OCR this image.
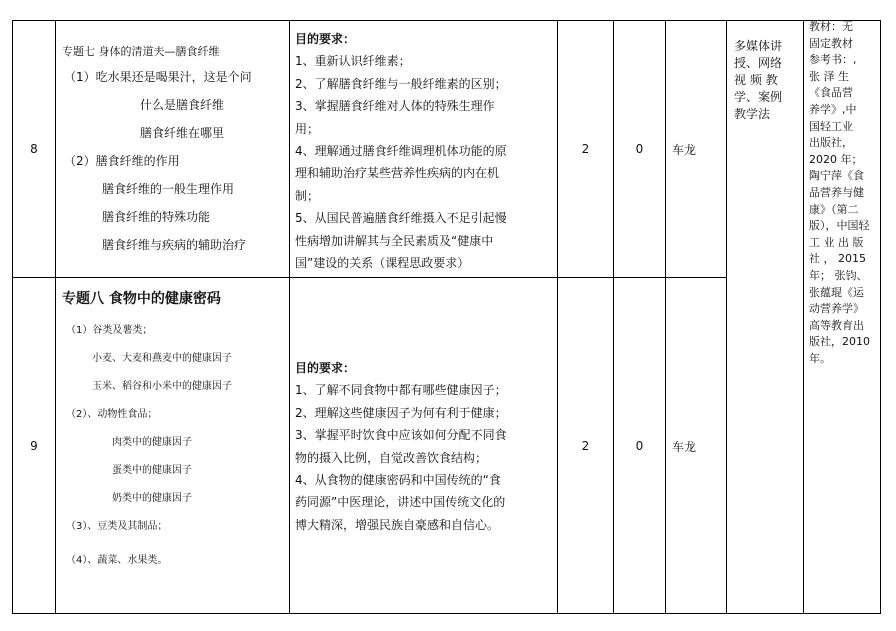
8
专题七 身体的清道夫—膳食纤维
（1）吃水果还是喝果汁，这是个问
什么是膳食纤维
膳食纤维在哪里
（2）膳食纤维的作用
膳食纤维的一般生理作用
膳食纤维的特殊功能
膳食纤维与疾病的辅助治疗
目的要求：
1、重新认识纤维素；
2、了解膳食纤维与一般纤维素的区别；
3、掌握膳食纤维对人体的特殊生理作
用；
4、理解通过膳食纤维调理机体功能的原
理和辅助治疗某些营养性疾病的内在机
制；
5、从国民普遍膳食纤维摄入不足引起慢
性病增加讲解其与全民素质及“健康中
国”建设的关系（课程思政要求）
2	0 车龙
9
专题八 食物中的健康密码
（1）谷类及薯类；
小麦、大麦和燕麦中的健康因子
玉米、稻谷和小米中的健康因子
（2）、动物性食品；
肉类中的健康因子
蛋类中的健康因子
奶类中的健康因子
（3）、豆类及其制品；
（4）、蔬菜、水果类。
目的要求：
1、了解不同食物中都有哪些健康因子；
2、理解这些健康因子为何有利于健康；
3、掌握平时饮食中应该如何分配不同食
物的摄入比例，自觉改善饮食结构；
4、从食物的健康密码和中国传统的“食
药同源”中医理论，讲述中国传统文化的
博大精深，增强民族自豪感和自信心。
2	0 车龙
多媒体讲
授、网络
视 频 教
学、案例
教学法
教材：无
固定教材
参考书：,
张 泽 生
《食品营
养学》,中
国轻工业
出版社，
2020 年；
陶宁萍《食
品营养与健
康》（第二
版），中国轻
工 业 出 版
社 ， 2015
年； 张钧、
张蕴琨《运
动营养学》
高等教育出
版社，2010
年。
